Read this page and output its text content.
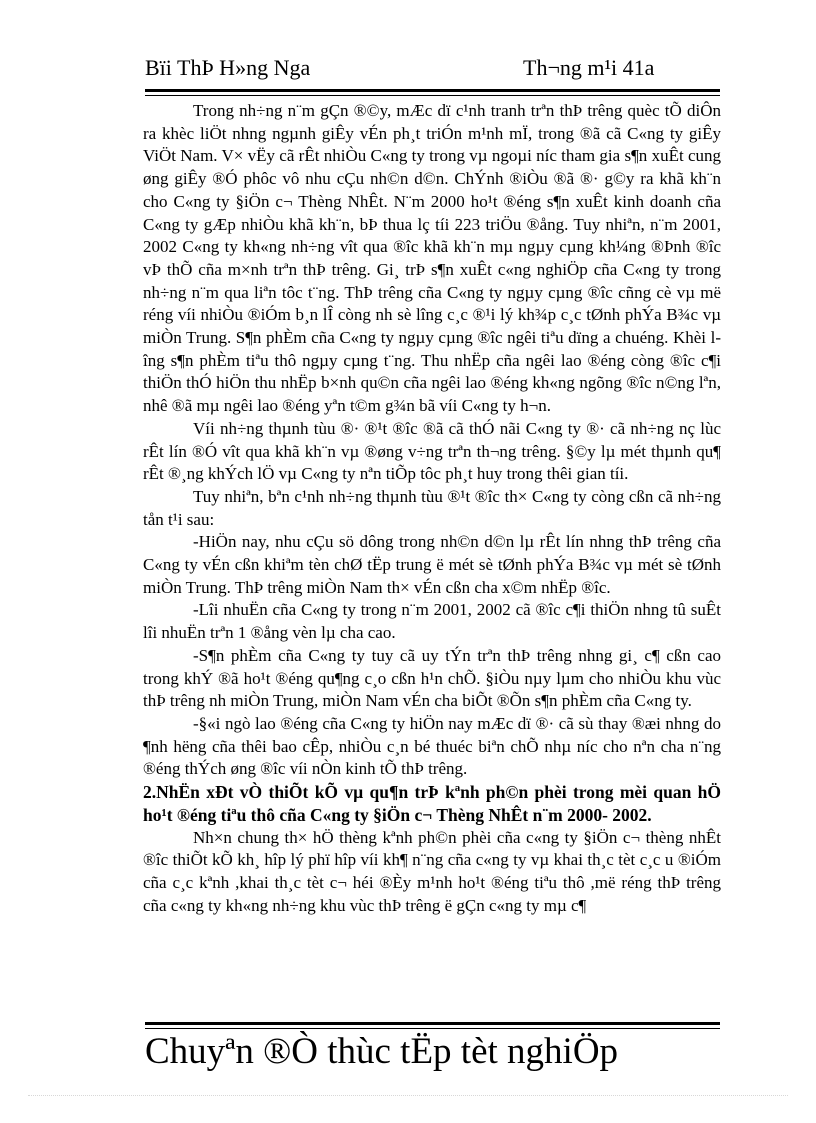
Bïi ThÞ H»ng Nga	Th¬ng m¹i 41a

Trong nh÷ng n¨m gÇn ®©y, mÆc dï c¹nh tranh trªn thÞ trêng quèc tÕ diÔn ra khèc liÖt nhng ngµnh giÊy vÉn ph¸t triÓn m¹nh mÏ, trong ®ã cã C«ng ty giÊy ViÖt Nam. V× vËy cã rÊt nhiÒu C«ng ty trong vµ ngoµi níc tham gia s¶n xuÊt cung øng giÊy ®Ó phôc vô nhu cÇu nh©n d©n. ChÝnh ®iÒu ®ã ®· g©y ra khã kh¨n cho C«ng ty §iÖn c¬ Thèng NhÊt. N¨m 2000 ho¹t ®éng s¶n xuÊt kinh doanh cña C«ng ty gÆp nhiÒu khã kh¨n, bÞ thua lç tíi 223 triÖu ®ång. Tuy nhiªn, n¨m 2001, 2002 C«ng ty kh«ng nh÷ng vît qua ®îc khã kh¨n mµ ngµy cµng kh¼ng ®Þnh ®îc vÞ thÕ cña m×nh trªn thÞ trêng. Gi¸ trÞ s¶n xuÊt c«ng nghiÖp cña C«ng ty trong nh÷ng n¨m qua liªn tôc t¨ng. ThÞ trêng cña C«ng ty ngµy cµng ®îc cñng cè vµ më réng víi nhiÒu ®iÓm b¸n lÎ còng nh sè lîng c¸c ®¹i lý kh¾p c¸c tØnh phÝa B¾c vµ miÒn Trung. S¶n phÈm cña C«ng ty ngµy cµng ®îc ngêi tiªu dïng a chuéng. Khèi lîng s¶n phÈm tiªu thô ngµy cµng t¨ng. Thu nhËp cña ngêi lao ®éng còng ®îc c¶i thiÖn thÓ hiÖn thu nhËp b×nh qu©n cña ngêi lao ®éng kh«ng ngõng ®îc n©ng lªn, nhê ®ã mµ ngêi lao ®éng yªn t©m g¾n bã víi C«ng ty h¬n.

Víi nh÷ng thµnh tùu ®· ®¹t ®îc ®ã cã thÓ nãi C«ng ty ®· cã nh÷ng nç lùc rÊt lín ®Ó vît qua khã kh¨n vµ ®øng v÷ng trªn th¬ng trêng. §©y lµ mét thµnh qu¶ rÊt ®¸ng khÝch lÖ vµ C«ng ty nªn tiÕp tôc ph¸t huy trong thêi gian tíi.

Tuy nhiªn, bªn c¹nh nh÷ng thµnh tùu ®¹t ®îc th× C«ng ty còng cßn cã nh÷ng tån t¹i sau:

-HiÖn nay, nhu cÇu sö dông trong nh©n d©n lµ rÊt lín nhng thÞ trêng cña C«ng ty vÉn cßn khiªm tèn chØ tËp trung ë mét sè tØnh phÝa B¾c vµ mét sè tØnh miÒn Trung. ThÞ trêng miÒn Nam th× vÉn cßn cha x©m nhËp ®îc.

-Lîi nhuËn cña C«ng ty trong n¨m 2001, 2002 cã ®îc c¶i thiÖn nhng tû suÊt lîi nhuËn trªn 1 ®ång vèn lµ cha cao.

-S¶n phÈm cña C«ng ty tuy cã uy tÝn trªn thÞ trêng nhng gi¸ c¶ cßn cao trong khÝ ®ã ho¹t ®éng qu¶ng c¸o cßn h¹n chÕ. §iÒu nµy lµm cho nhiÒu khu vùc thÞ trêng nh miÒn Trung, miÒn Nam vÉn cha biÕt ®Õn s¶n phÈm cña C«ng ty.

-§«i ngò lao ®éng cña C«ng ty hiÖn nay mÆc dï ®· cã sù thay ®æi nhng do ¶nh hëng cña thêi bao cÊp, nhiÒu c¸n bé thuéc biªn chÕ nhµ níc cho nªn cha n¨ng ®éng thÝch øng ®îc víi nÒn kinh tÕ thÞ trêng.

2.NhËn xÐt vÒ thiÕt kÕ vµ qu¶n trÞ kªnh ph©n phèi trong mèi quan hÖ ho¹t ®éng tiªu thô cña C«ng ty §iÖn c¬ Thèng NhÊt n¨m 2000- 2002.

Nh×n chung th× hÖ thèng kªnh ph©n phèi cña c«ng ty §iÖn c¬ thèng nhÊt ®îc thiÕt kÕ kh¸ hîp lý phï hîp víi kh¶ n¨ng cña c«ng ty vµ khai th¸c tèt c¸c u ®iÓm cña c¸c kªnh ,khai th¸c tèt c¬ héi ®Èy m¹nh ho¹t ®éng tiªu thô ,më réng thÞ trêng cña c«ng ty kh«ng nh÷ng khu vùc thÞ trêng ë gÇn c«ng ty mµ c¶

Chuyªn ®Ò thùc tËp tèt nghiÖp
